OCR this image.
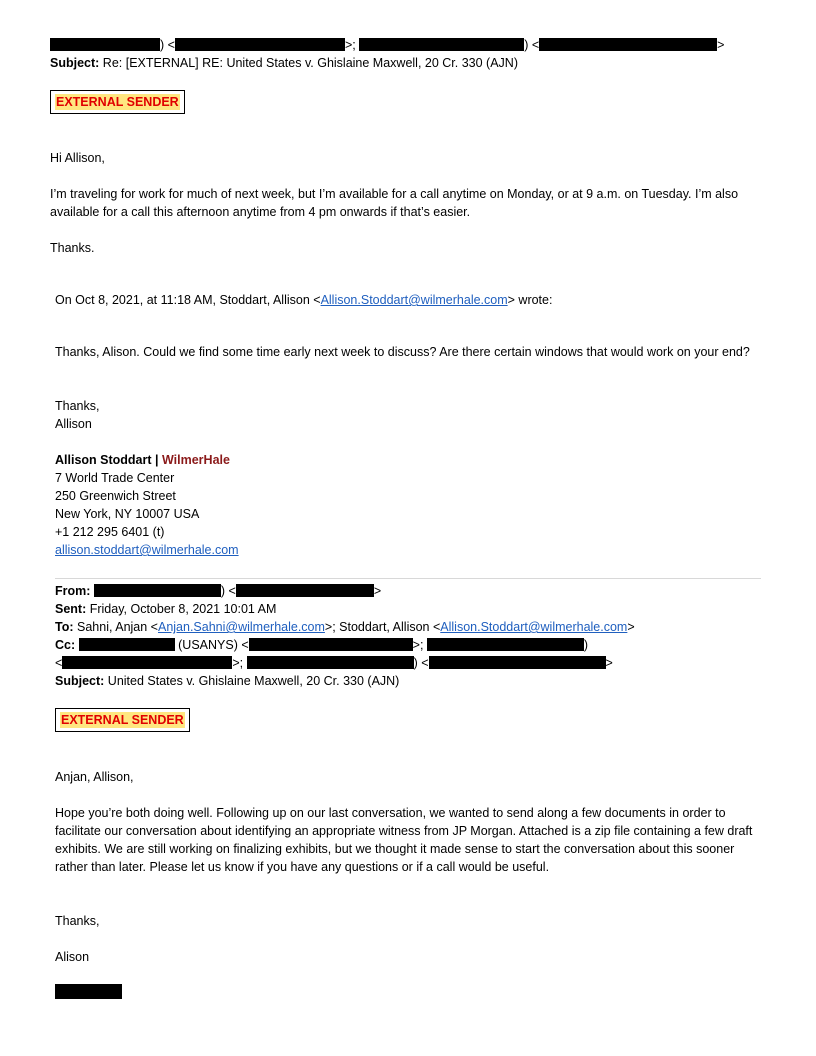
) <	>;	) <	>
Subject: Re: [EXTERNAL] RE: United States v. Ghislaine Maxwell, 20 Cr. 330 (AJN)
EXTERNAL SENDER
Hi Allison,
I’m traveling for work for much of next week, but I’m available for a call anytime on Monday, or at 9 a.m. on Tuesday. I’m also available for a call this afternoon anytime from 4 pm onwards if that’s easier.
Thanks.
On Oct 8, 2021, at 11:18 AM, Stoddart, Allison <Allison.Stoddart@wilmerhale.com> wrote:
Thanks, Alison. Could we find some time early next week to discuss? Are there certain windows that would work on your end?
Thanks,
Allison
Allison Stoddart | WilmerHale
7 World Trade Center
250 Greenwich Street
New York, NY 10007 USA
+1 212 295 6401 (t)
allison.stoddart@wilmerhale.com
From:	) <	>
Sent: Friday, October 8, 2021 10:01 AM
To: Sahni, Anjan <Anjan.Sahni@wilmerhale.com>; Stoddart, Allison <Allison.Stoddart@wilmerhale.com>
Cc:	(USANYS) <	>;	)
<	>;	) <	>
Subject: United States v. Ghislaine Maxwell, 20 Cr. 330 (AJN)
EXTERNAL SENDER
Anjan, Allison,
Hope you’re both doing well. Following up on our last conversation, we wanted to send along a few documents in order to facilitate our conversation about identifying an appropriate witness from JP Morgan. Attached is a zip file containing a few draft exhibits. We are still working on finalizing exhibits, but we thought it made sense to start the conversation about this sooner rather than later. Please let us know if you have any questions or if a call would be useful.
Thanks,
Alison
